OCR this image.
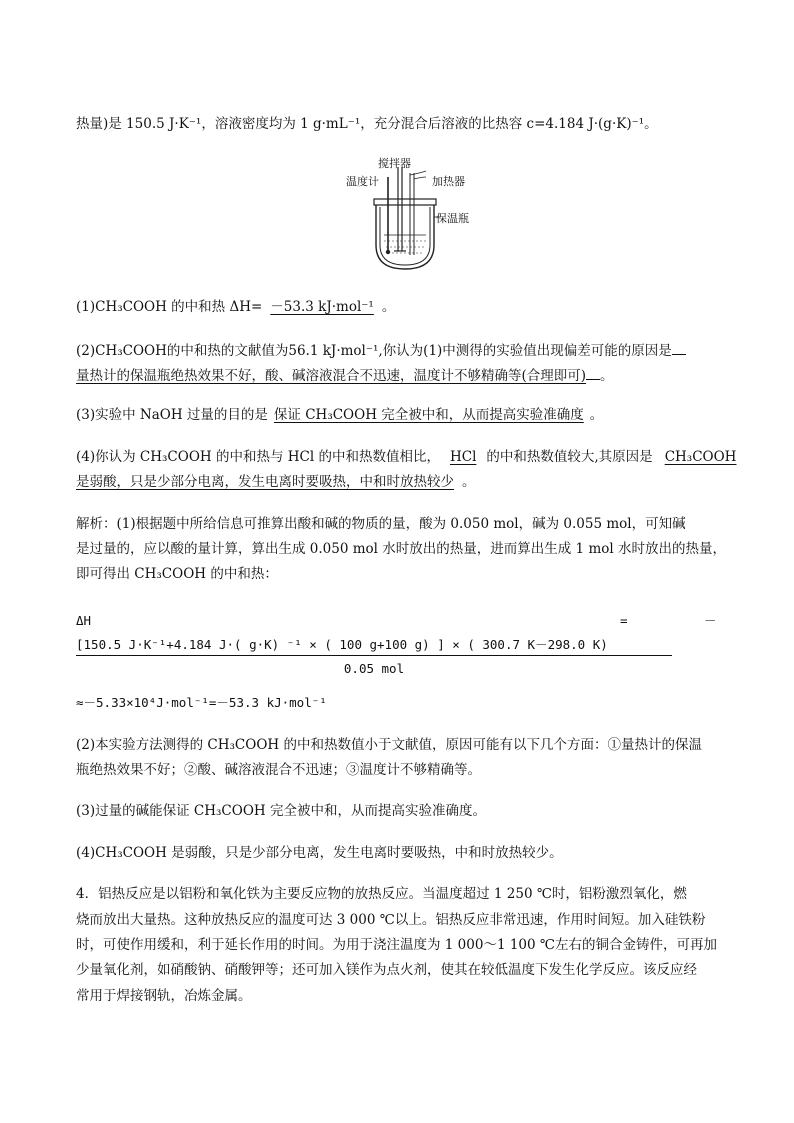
热量)是 150.5 J·K⁻¹，溶液密度均为 1 g·mL⁻¹，充分混合后溶液的比热容 c=4.184 J·(g·K)⁻¹。
搅拌器
温度计	加热器
保温瓶
(1)CH₃COOH 的中和热 ΔH= －53.3 kJ·mol⁻¹ 。
(2)CH₃COOH的中和热的文献值为56.1 kJ·mol⁻¹,你认为(1)中测得的实验值出现偏差可能的原因是
量热计的保温瓶绝热效果不好，酸、碱溶液混合不迅速，温度计不够精确等(合理即可) 。
(3)实验中 NaOH 过量的目的是 保证 CH₃COOH 完全被中和，从而提高实验准确度 。
(4)你认为 CH₃COOH 的中和热与 HCl 的中和热数值相比， HCl 的中和热数值较大,其原因是 CH₃COOH
是弱酸，只是少部分电离，发生电离时要吸热，中和时放热较少 。
解析：(1)根据题中所给信息可推算出酸和碱的物质的量，酸为 0.050 mol，碱为 0.055 mol，可知碱
是过量的，应以酸的量计算，算出生成 0.050 mol 水时放出的热量，进而算出生成 1 mol 水时放出的热量，
即可得出 CH₃COOH 的中和热：
ΔH	=	－
[150.5 J·K⁻¹+4.184 J·( g·K) ⁻¹ × ( 100 g+100 g) ] × ( 300.7 K－298.0 K)
0.05 mol
≈－5.33×10⁴J·mol⁻¹=－53.3 kJ·mol⁻¹
(2)本实验方法测得的 CH₃COOH 的中和热数值小于文献值，原因可能有以下几个方面：①量热计的保温
瓶绝热效果不好；②酸、碱溶液混合不迅速；③温度计不够精确等。
(3)过量的碱能保证 CH₃COOH 完全被中和，从而提高实验准确度。
(4)CH₃COOH 是弱酸，只是少部分电离，发生电离时要吸热，中和时放热较少。
4．铝热反应是以铝粉和氧化铁为主要反应物的放热反应。当温度超过 1 250 ℃时，铝粉激烈氧化，燃
烧而放出大量热。这种放热反应的温度可达 3 000 ℃以上。铝热反应非常迅速，作用时间短。加入硅铁粉
时，可使作用缓和，利于延长作用的时间。为用于浇注温度为 1 000～1 100 ℃左右的铜合金铸件，可再加
少量氧化剂，如硝酸钠、硝酸钾等；还可加入镁作为点火剂，使其在较低温度下发生化学反应。该反应经
常用于焊接钢轨，冶炼金属。
